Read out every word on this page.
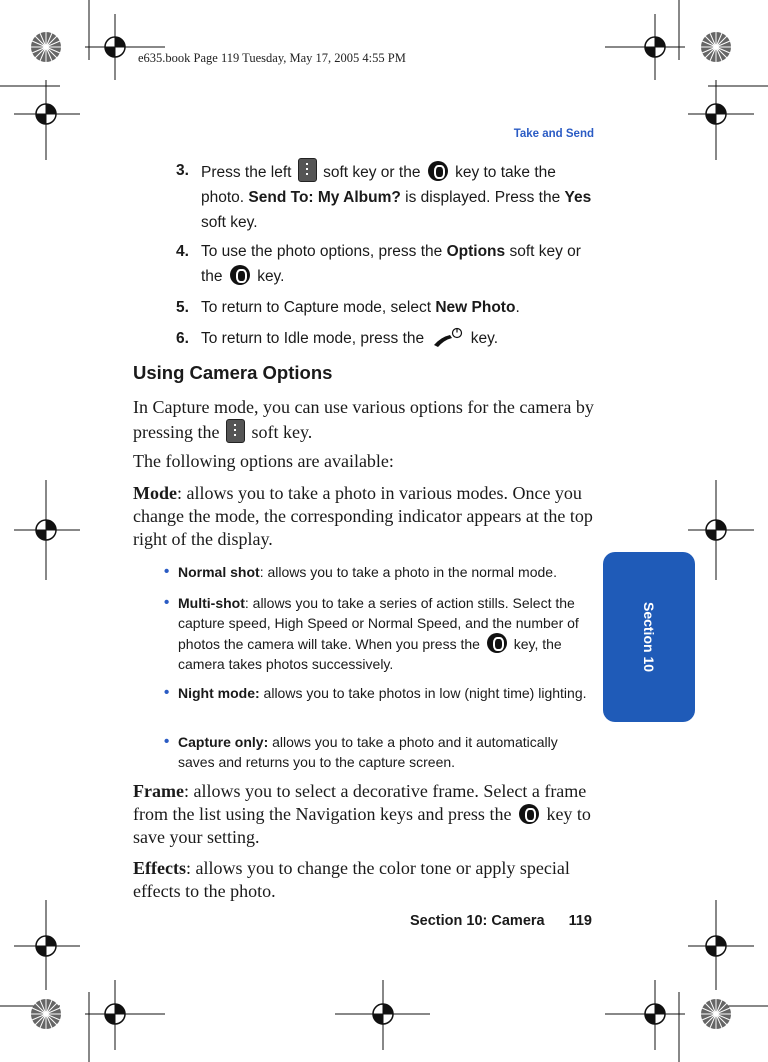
e635.book Page 119 Tuesday, May 17, 2005 4:55 PM
Take and Send
3. Press the left soft key or the key to take the photo. Send To: My Album? is displayed. Press the Yes soft key.
4. To use the photo options, press the Options soft key or the key.
5. To return to Capture mode, select New Photo.
6. To return to Idle mode, press the	key.
Using Camera Options
In Capture mode, you can use various options for the camera by pressing the soft key.
The following options are available:
Mode: allows you to take a photo in various modes. Once you change the mode, the corresponding indicator appears at the top right of the display.
• Normal shot: allows you to take a photo in the normal mode.
• Multi-shot: allows you to take a series of action stills. Select the capture speed, High Speed or Normal Speed, and the number of photos the camera will take. When you press the key, the camera takes photos successively.
• Night mode: allows you to take photos in low (night time) lighting.
• Capture only: allows you to take a photo and it automatically saves and returns you to the capture screen.
Frame: allows you to select a decorative frame. Select a frame from the list using the Navigation keys and press the key to save your setting.
Effects: allows you to change the color tone or apply special effects to the photo.
Section 10: Camera 119
Section 10
